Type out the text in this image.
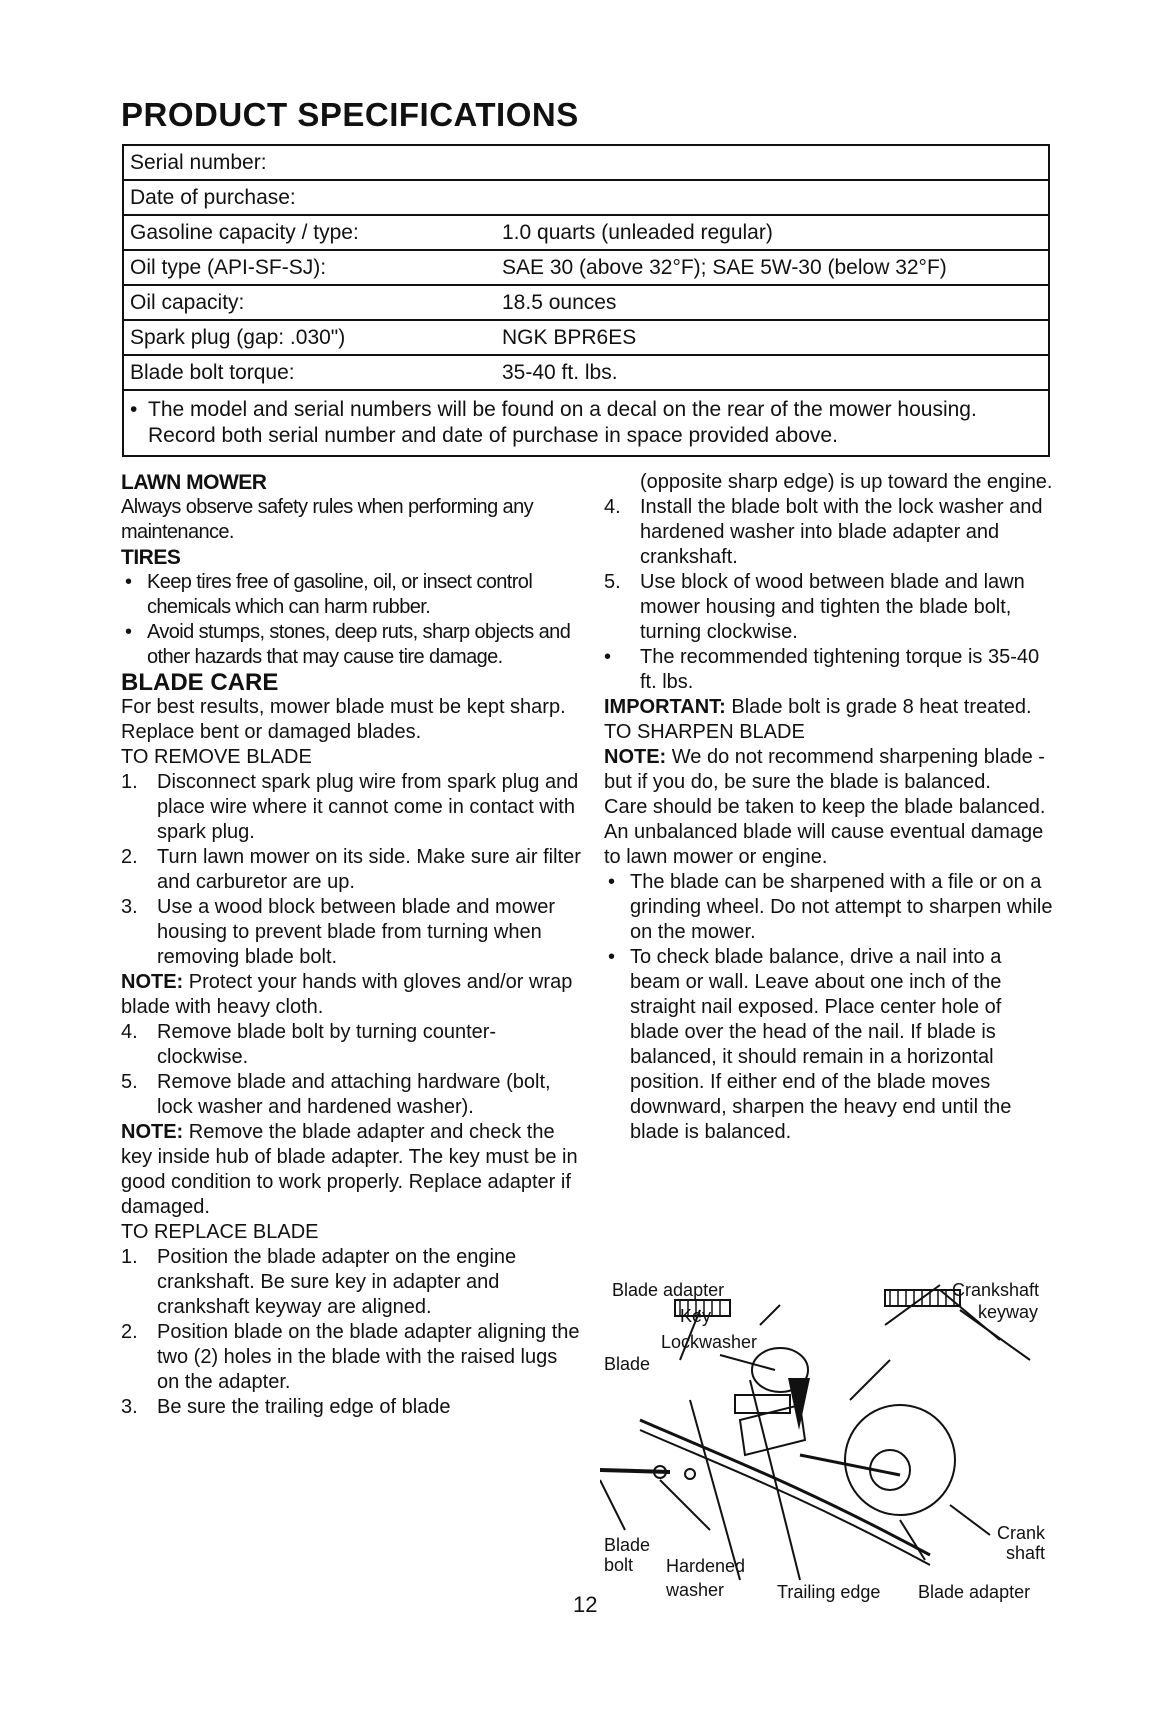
PRODUCT SPECIFICATIONS
Serial number:
Date of purchase:
Gasoline capacity / type:	1.0 quarts (unleaded regular)
Oil type (API-SF-SJ):	SAE 30 (above 32°F); SAE 5W-30 (below 32°F)
Oil capacity:	18.5 ounces
Spark plug (gap: .030")	NGK BPR6ES
Blade bolt torque:	35-40 ft. lbs.
• The model and serial numbers will be found on a decal on the rear of the mower housing. Record both serial number and date of purchase in space provided above.

LAWN MOWER

Always observe safety rules when performing any maintenance.

TIRES

• Keep tires free of gasoline, oil, or insect control chemicals which can harm rubber.
• Avoid stumps, stones, deep ruts, sharp objects and other hazards that may cause tire damage.

BLADE CARE

For best results, mower blade must be kept sharp. Replace bent or damaged blades.

TO REMOVE BLADE

1. Disconnect spark plug wire from spark plug and place wire where it cannot come in contact with spark plug.
2. Turn lawn mower on its side. Make sure air filter and carburetor are up.
3. Use a wood block between blade and mower housing to prevent blade from turning when removing blade bolt.

NOTE: Protect your hands with gloves and/or wrap blade with heavy cloth.

4. Remove blade bolt by turning counter-clockwise.
5. Remove blade and attaching hardware (bolt, lock washer and hardened washer).

NOTE: Remove the blade adapter and check the key inside hub of blade adapter. The key must be in good condition to work properly. Replace adapter if damaged.

TO REPLACE BLADE

1. Position the blade adapter on the engine crankshaft. Be sure key in adapter and crankshaft keyway are aligned.
2. Position blade on the blade adapter aligning the two (2) holes in the blade with the raised lugs on the adapter.
3. Be sure the trailing edge of blade

(opposite sharp edge) is up toward the engine.

4. Install the blade bolt with the lock washer and hardened washer into blade adapter and crankshaft.
5. Use block of wood between blade and lawn mower housing and tighten the blade bolt, turning clockwise.
• The recommended tightening torque is 35-40 ft. lbs.

IMPORTANT: Blade bolt is grade 8 heat treated.

TO SHARPEN BLADE

NOTE: We do not recommend sharpening blade - but if you do, be sure the blade is balanced.

Care should be taken to keep the blade balanced. An unbalanced blade will cause eventual damage to lawn mower or engine.

• The blade can be sharpened with a file or on a grinding wheel. Do not attempt to sharpen while on the mower.
• To check blade balance, drive a nail into a beam or wall. Leave about one inch of the straight nail exposed. Place center hole of blade over the head of the nail. If blade is balanced, it should remain in a horizontal position. If either end of the blade moves downward, sharpen the heavy end until the blade is balanced.
Blade adapter	Crankshaft
keyway
Key
Lockwasher
Blade
Blade
bolt	Hardened
washer	Trailing edge Blade adapter
Crank
shaft
12
